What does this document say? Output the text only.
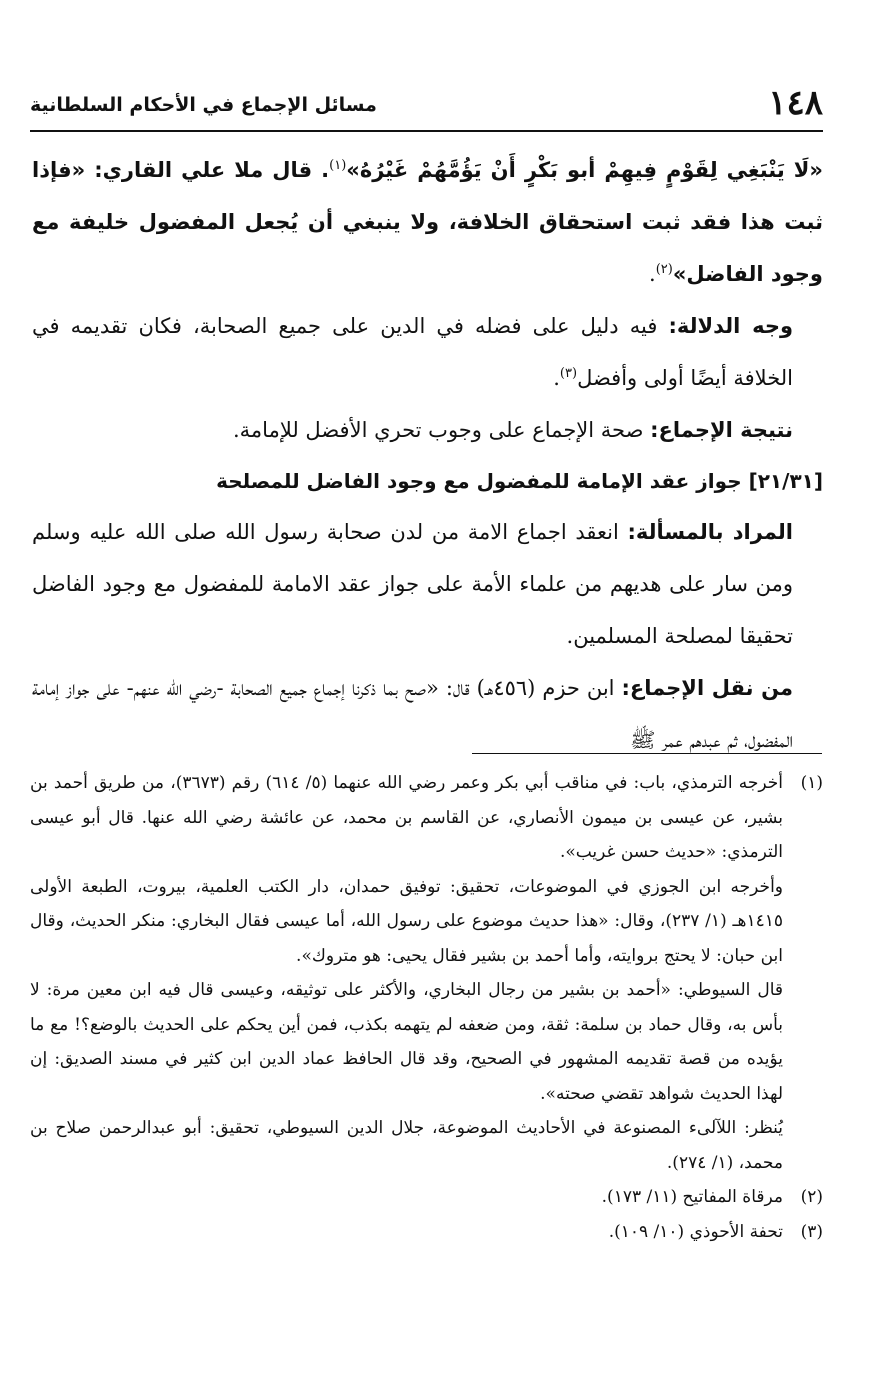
١٤٨
مسائل الإجماع في الأحكام السلطانية

«لَا يَنْبَغِي لِقَوْمٍ فِيهِمْ أبو بَكْرٍ أَنْ يَؤُمَّهُمْ غَيْرُهُ»$^{(١)}$. قال ملا علي القاري: «فإذا ثبت هذا فقد ثبت استحقاق الخلافة، ولا ينبغي أن يُجعل المفضول خليفة مع وجود الفاضل»$^{(٢)}$.

وجه الدلالة: فيه دليل على فضله في الدين على جميع الصحابة، فكان تقديمه في الخلافة أيضًا أولى وأفضل$^{(٣)}$.

نتيجة الإجماع: صحة الإجماع على وجوب تحري الأفضل للإمامة.

[٢١/٣١] جواز عقد الإمامة للمفضول مع وجود الفاضل للمصلحة

المراد بالمسألة: انعقد اجماع الامة من لدن صحابة رسول الله صلى الله عليه وسلم ومن سار على هديهم من علماء الأمة على جواز عقد الامامة للمفضول مع وجود الفاضل تحقيقا لمصلحة المسلمين.

من نقل الإجماع: ابن حزم (٤٥٦هـ) قال: «صح بما ذكرنا إجماع جميع الصحابة -رضي الله عنهم- على جواز إمامة المفضول، ثم عبدهم عمر ﷺ

(١)

أخرجه الترمذي، باب: في مناقب أبي بكر وعمر رضي الله عنهما (٥/ ٦١٤) رقم (٣٦٧٣)، من طريق أحمد بن بشير، عن عيسى بن ميمون الأنصاري، عن القاسم بن محمد، عن عائشة رضي الله عنها. قال أبو عيسى الترمذي: «حديث حسن غريب».

وأخرجه ابن الجوزي في الموضوعات، تحقيق: توفيق حمدان، دار الكتب العلمية، بيروت، الطبعة الأولى ١٤١٥هـ (١/ ٢٣٧)، وقال: «هذا حديث موضوع على رسول الله، أما عيسى فقال البخاري: منكر الحديث، وقال ابن حبان: لا يحتج بروايته، وأما أحمد بن بشير فقال يحيى: هو متروك».

قال السيوطي: «أحمد بن بشير من رجال البخاري، والأكثر على توثيقه، وعيسى قال فيه ابن معين مرة: لا بأس به، وقال حماد بن سلمة: ثقة، ومن ضعفه لم يتهمه بكذب، فمن أين يحكم على الحديث بالوضع؟! مع ما يؤيده من قصة تقديمه المشهور في الصحيح، وقد قال الحافظ عماد الدين ابن كثير في مسند الصديق: إن لهذا الحديث شواهد تقضي صحته».

يُنظر: اللآلىء المصنوعة في الأحاديث الموضوعة، جلال الدين السيوطي، تحقيق: أبو عبدالرحمن صلاح بن محمد، (١/ ٢٧٤).

(٢)

مرقاة المفاتيح (١١/ ١٧٣).

(٣)

تحفة الأحوذي (١٠/ ١٠٩).
